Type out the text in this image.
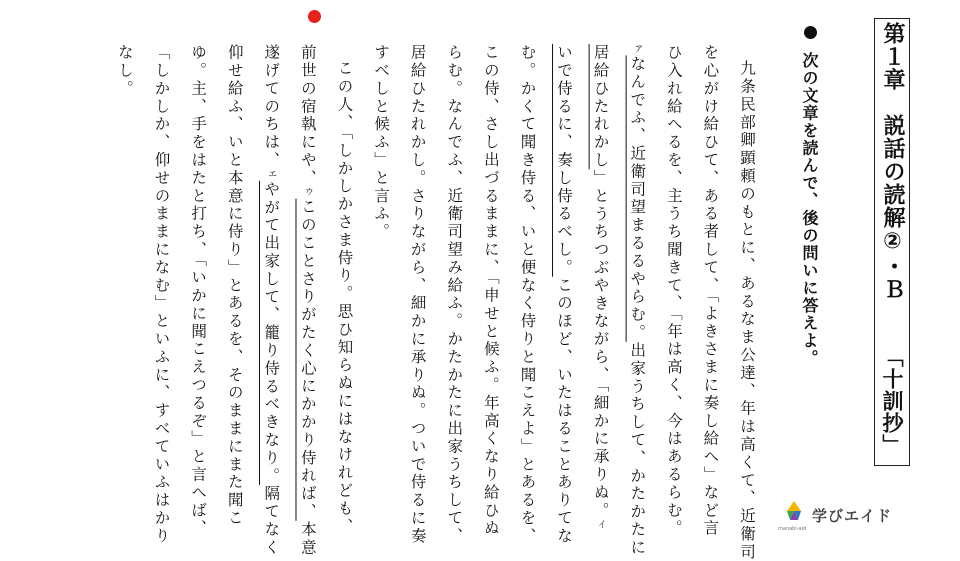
第１章　説話の読解②・Ｂ
「十訓抄」
次の文章を読んで、後の問いに答えよ。
九条民部卿顕頼のもとに、あるなま公達、年は高くて、近衛司
を心がけ給ひて、ある者して、「よきさまに奏し給へ」など言
ひ入れ給へるを、主うち聞きて、「年は高く、今はあるらむ。
アなんでふ、近衛司望まるるやらむ。出家うちして、かたかたに
居給ひたれかし」とうちつぶやきながら、「細かに承りぬ。イ
いで侍るに、奏し侍るべし。このほど、いたはることありてな
む。かくて聞き侍る、いと便なく侍りと聞こえよ」とあるを、
この侍、さし出づるままに、「申せと候ふ。年高くなり給ひぬ
らむ。なんでふ、近衛司望み給ふ。かたかたに出家うちして、
居給ひたれかし。さりながら、細かに承りぬ。ついで侍るに奏
すべしと候ふ」と言ふ。
この人、「しかしかさま侍り。思ひ知らぬにはなけれども、
前世の宿執にや、ウこのことさりがたく心にかかり侍れば、本意
遂げてのちは、エやがて出家して、籠り侍るべきなり。隔てなく
仰せ給ふ、いと本意に侍り」とあるを、そのままにまた聞こ
ゆ。主、手をはたと打ち、「いかに聞こえつるぞ」と言へば、
「しかしか、仰せのままになむ」といふに、すべていふはかり
なし。
学びエイド
manabi-aid
